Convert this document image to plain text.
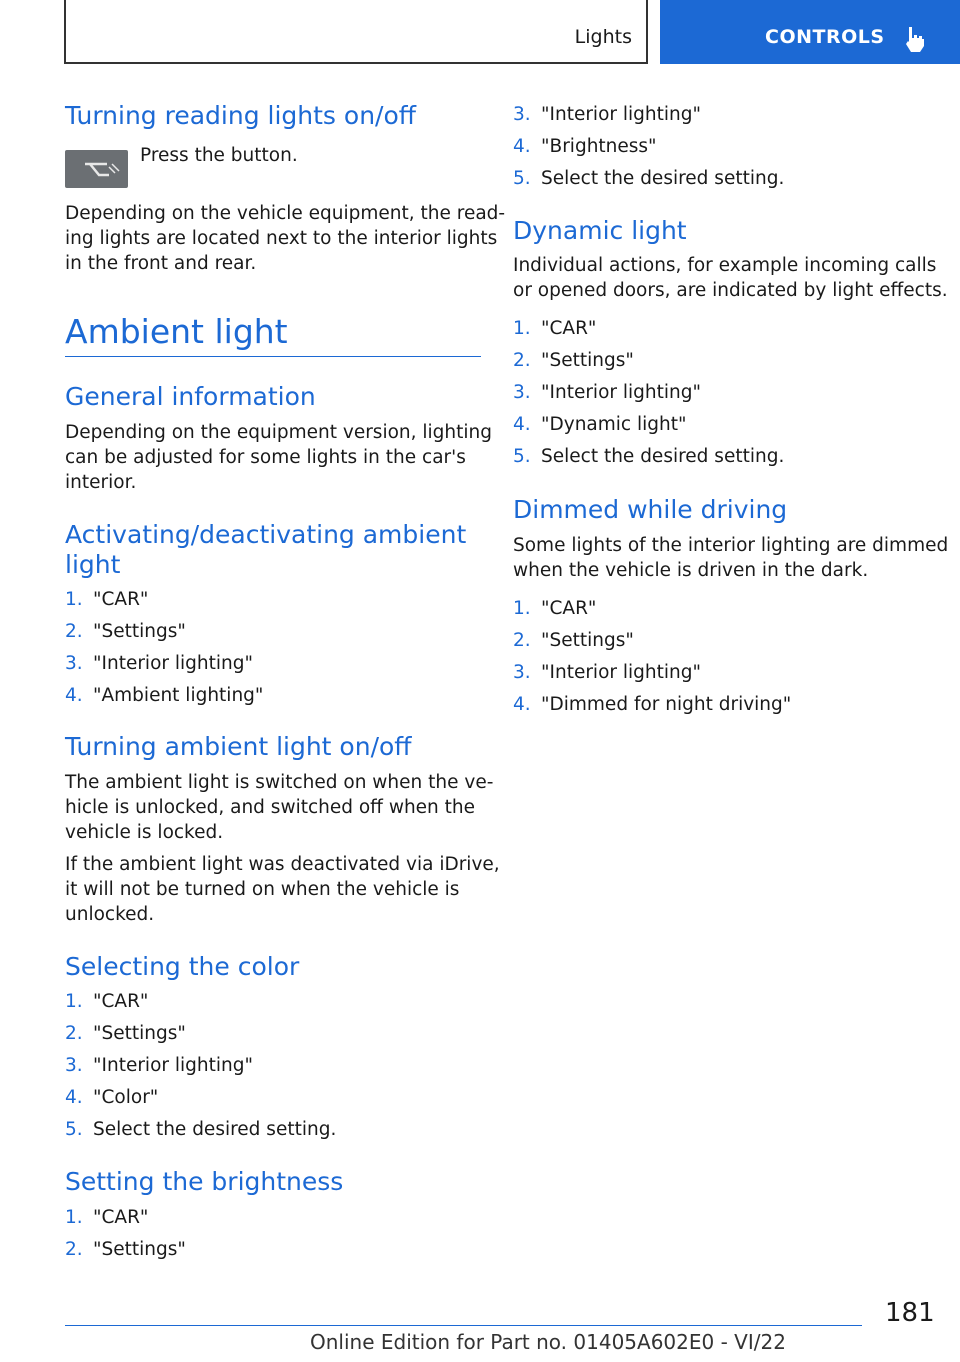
Lights	CONTROLS
Turning reading lights on/off

Press the button.

Depending on the vehicle equipment, the read-
ing lights are located next to the interior lights
in the front and rear.

Ambient light
General information

Depending on the equipment version, lighting
can be adjusted for some lights in the car's
interior.

Activating/deactivating ambient
light
1. "CAR"
2. "Settings"
3. "Interior lighting"
4. "Ambient lighting"
Turning ambient light on/off

The ambient light is switched on when the ve-
hicle is unlocked, and switched off when the
vehicle is locked.

If the ambient light was deactivated via iDrive,
it will not be turned on when the vehicle is
unlocked.

Selecting the color
1. "CAR"
2. "Settings"
3. "Interior lighting"
4. "Color"
5. Select the desired setting.
Setting the brightness
1. "CAR"
2. "Settings"
3. "Interior lighting"
4. "Brightness"
5. Select the desired setting.
Dynamic light

Individual actions, for example incoming calls
or opened doors, are indicated by light effects.

1. "CAR"
2. "Settings"
3. "Interior lighting"
4. "Dynamic light"
5. Select the desired setting.
Dimmed while driving

Some lights of the interior lighting are dimmed
when the vehicle is driven in the dark.

1. "CAR"
2. "Settings"
3. "Interior lighting"
4. "Dimmed for night driving"
181
Online Edition for Part no. 01405A602E0 - VI/22
